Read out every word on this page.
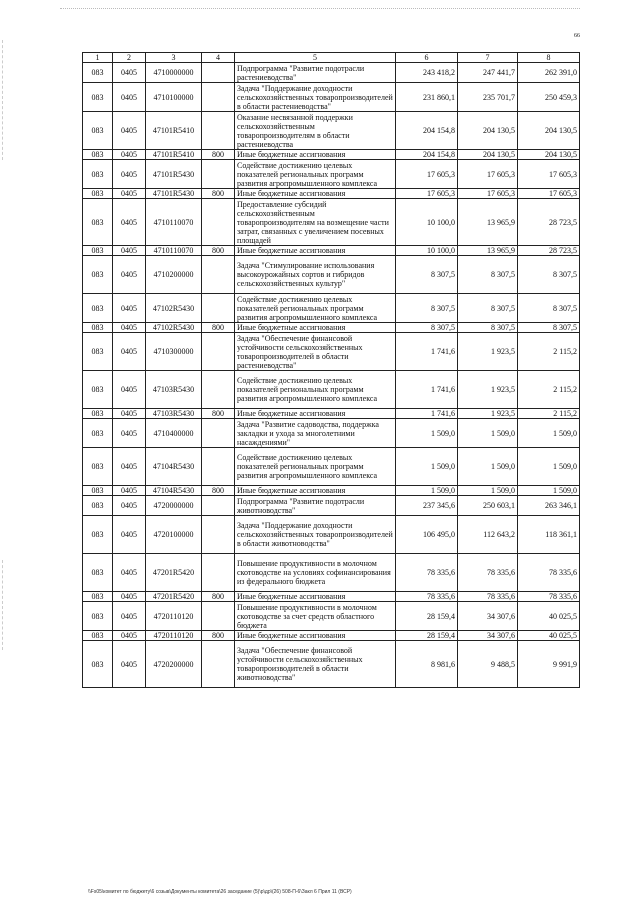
66
1	2	3	4	5	6	7	8
083	0405	4710000000		Подпрограмма "Развитие подотрасли растениеводства"	243 418,2	247 441,7	262 391,0
083	0405	4710100000		Задача "Поддержание доходности сельскохозяйственных товаропроизводителей в области растениеводства"	231 860,1	235 701,7	250 459,3
083	0405	47101R5410		Оказание несвязанной поддержки сельскохозяйственным товаропроизводителям в области растениеводства	204 154,8	204 130,5	204 130,5
083	0405	47101R5410	800	Иные бюджетные ассигнования	204 154,8	204 130,5	204 130,5
083	0405	47101R5430		Содействие достижению целевых показателей региональных программ развития агропромышленного комплекса	17 605,3	17 605,3	17 605,3
083	0405	47101R5430	800	Иные бюджетные ассигнования	17 605,3	17 605,3	17 605,3
083	0405	4710110070		Предоставление субсидий сельскохозяйственным товаропроизводителям на возмещение части затрат, связанных с увеличением посевных площадей	10 100,0	13 965,9	28 723,5
083	0405	4710110070	800	Иные бюджетные ассигнования	10 100,0	13 965,9	28 723,5
083	0405	4710200000		Задача "Стимулирование использования высокоурожайных сортов и гибридов сельскохозяйственных культур"	8 307,5	8 307,5	8 307,5
083	0405	47102R5430		Содействие достижению целевых показателей региональных программ развития агропромышленного комплекса	8 307,5	8 307,5	8 307,5
083	0405	47102R5430	800	Иные бюджетные ассигнования	8 307,5	8 307,5	8 307,5
083	0405	4710300000		Задача "Обеспечение финансовой устойчивости сельскохозяйственных товаропроизводителей в области растениеводства"	1 741,6	1 923,5	2 115,2
083	0405	47103R5430		Содействие достижению целевых показателей региональных программ развития агропромышленного комплекса	1 741,6	1 923,5	2 115,2
083	0405	47103R5430	800	Иные бюджетные ассигнования	1 741,6	1 923,5	2 115,2
083	0405	4710400000		Задача "Развитие садоводства, поддержка закладки и ухода за многолетними насаждениями"	1 509,0	1 509,0	1 509,0
083	0405	47104R5430		Содействие достижению целевых показателей региональных программ развития агропромышленного комплекса	1 509,0	1 509,0	1 509,0
083	0405	47104R5430	800	Иные бюджетные ассигнования	1 509,0	1 509,0	1 509,0
083	0405	4720000000		Подпрограмма "Развитие подотрасли животноводства"	237 345,6	250 603,1	263 346,1
083	0405	4720100000		Задача "Поддержание доходности сельскохозяйственных товаропроизводителей в области животноводства"	106 495,0	112 643,2	118 361,1
083	0405	47201R5420		Повышение продуктивности в молочном скотоводстве на условиях софинансирования из федерального бюджета	78 335,6	78 335,6	78 335,6
083	0405	47201R5420	800	Иные бюджетные ассигнования	78 335,6	78 335,6	78 335,6
083	0405	4720110120		Повышение продуктивности в молочном скотоводстве за счет средств областного бюджета	28 159,4	34 307,6	40 025,5
083	0405	4720110120	800	Иные бюджетные ассигнования	28 159,4	34 307,6	40 025,5
083	0405	4720200000		Задача "Обеспечение финансовой устойчивости сельскохозяйственных товаропроизводителей в области животноводства"	8 981,6	9 488,5	9 991,9
\\Fs05\комитет по бюджету\6 созыв\Документы комитета\26 заседание (5)\р\др\(26) 508-П-6\Закл 6 Прил 11 (ВСР)
